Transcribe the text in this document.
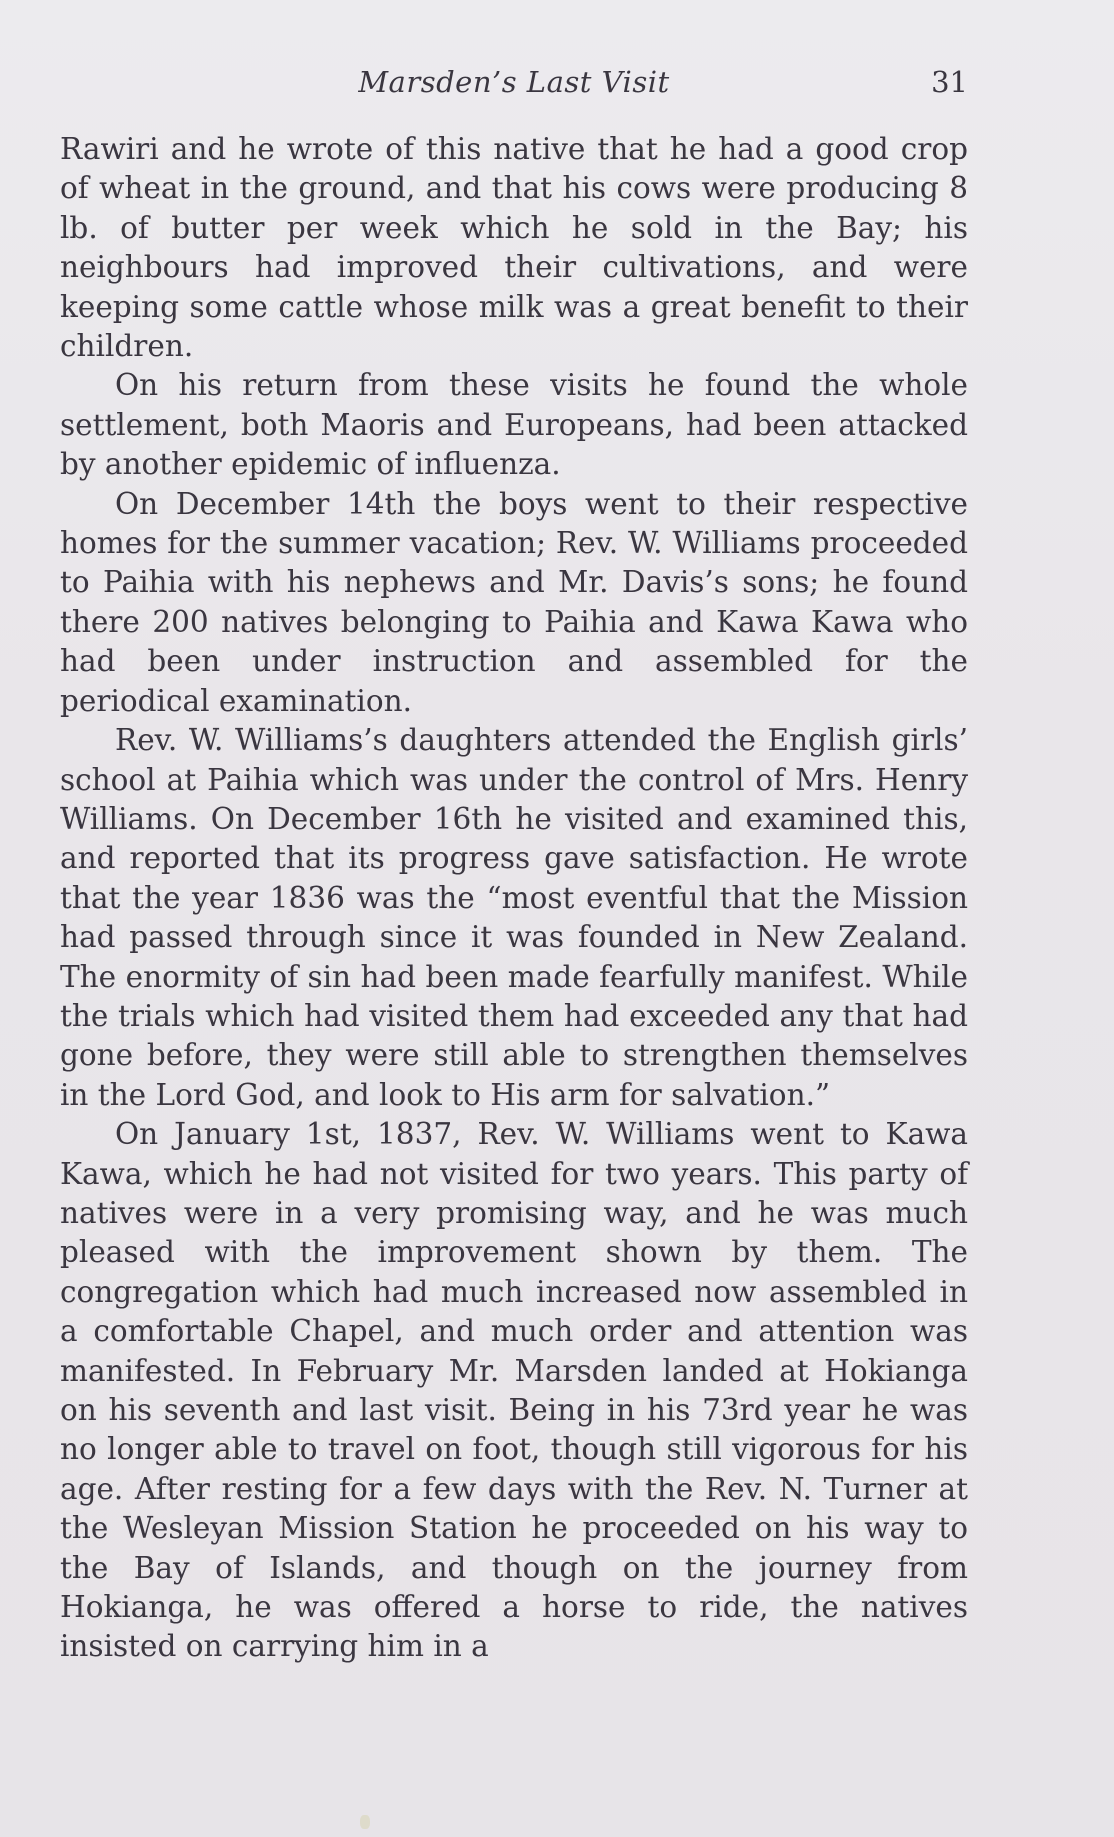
Marsden’s Last Visit	31

Rawiri and he wrote of this native that he had a good crop of wheat in the ground, and that his cows were producing 8 lb. of butter per week which he sold in the Bay; his neighbours had improved their cultivations, and were keeping some cattle whose milk was a great benefit to their children.

On his return from these visits he found the whole settlement, both Maoris and Europeans, had been attacked by another epidemic of influenza.

On December 14th the boys went to their respective homes for the summer vacation; Rev. W. Williams proceeded to Paihia with his nephews and Mr. Davis’s sons; he found there 200 natives belonging to Paihia and Kawa Kawa who had been under instruction and assembled for the periodical examination.

Rev. W. Williams’s daughters attended the English girls’ school at Paihia which was under the control of Mrs. Henry Williams. On December 16th he visited and examined this, and reported that its progress gave satisfaction. He wrote that the year 1836 was the “most eventful that the Mission had passed through since it was founded in New Zealand. The enormity of sin had been made fearfully manifest. While the trials which had visited them had exceeded any that had gone before, they were still able to strengthen themselves in the Lord God, and look to His arm for salvation.”

On January 1st, 1837, Rev. W. Williams went to Kawa Kawa, which he had not visited for two years. This party of natives were in a very promising way, and he was much pleased with the improvement shown by them. The congregation which had much increased now assembled in a comfortable Chapel, and much order and attention was manifested. In February Mr. Marsden landed at Hokianga on his seventh and last visit. Being in his 73rd year he was no longer able to travel on foot, though still vigorous for his age. After resting for a few days with the Rev. N. Turner at the Wesleyan Mission Station he proceeded on his way to the Bay of Islands, and though on the journey from Hokianga, he was offered a horse to ride, the natives insisted on carrying him in a
